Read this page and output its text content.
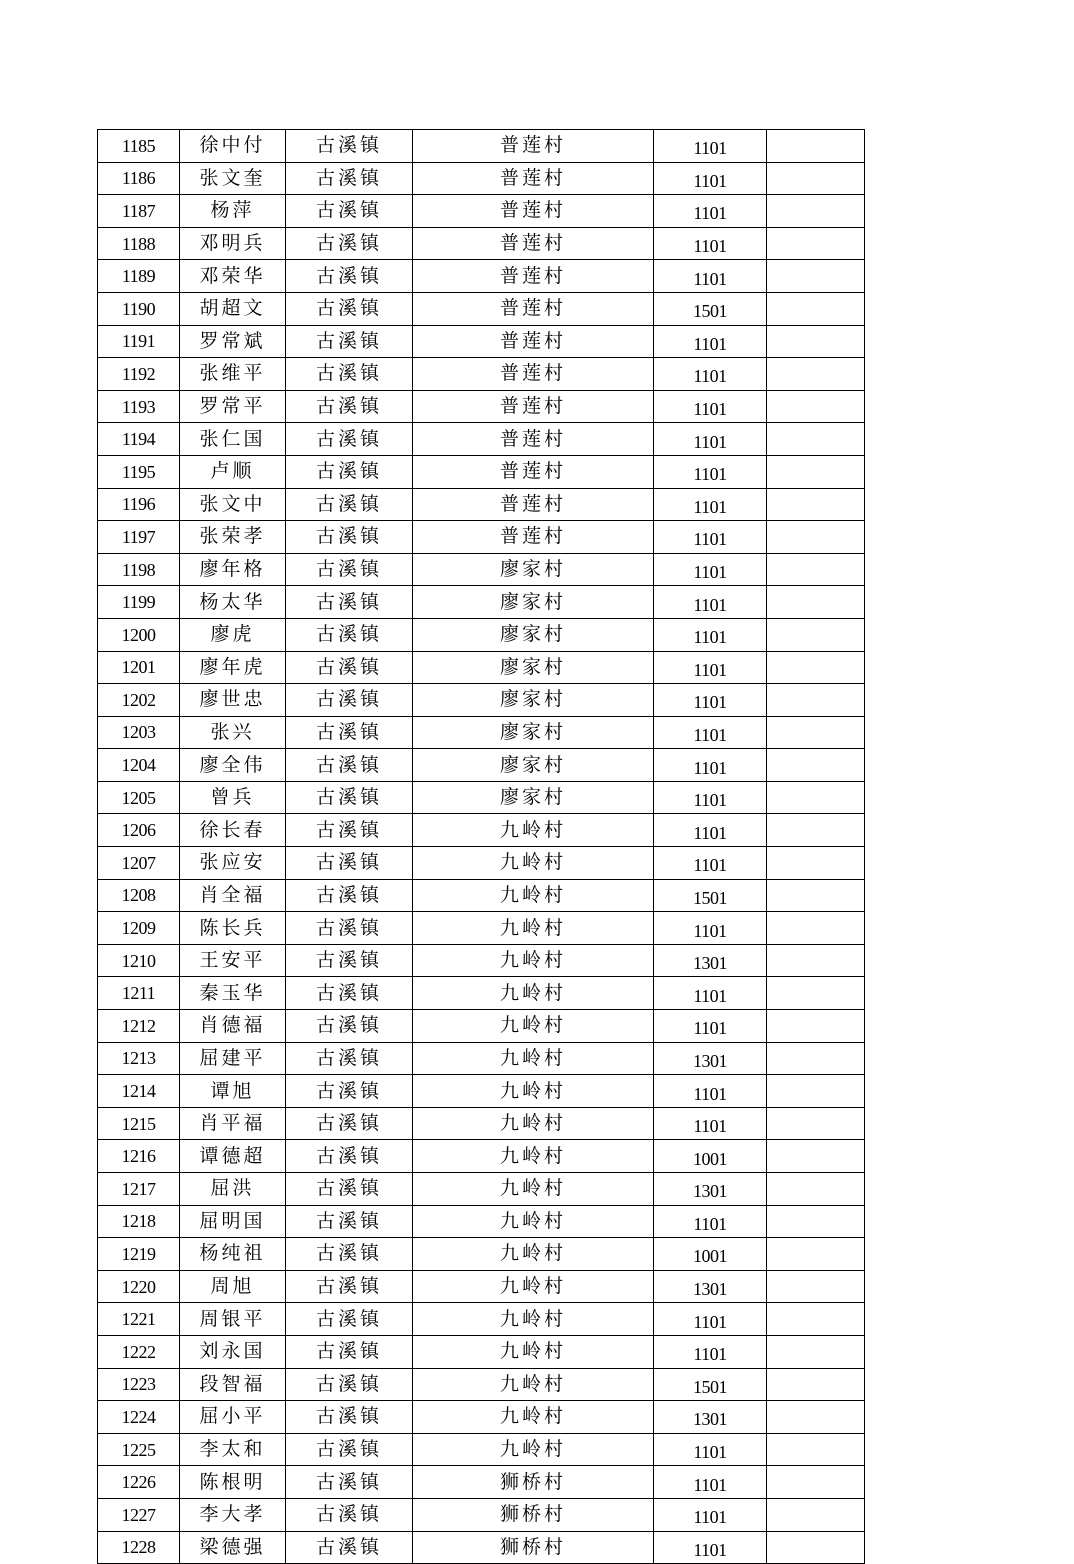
1185	徐中付	古溪镇	普莲村	1101	
1186	张文奎	古溪镇	普莲村	1101	
1187	杨萍	古溪镇	普莲村	1101	
1188	邓明兵	古溪镇	普莲村	1101	
1189	邓荣华	古溪镇	普莲村	1101	
1190	胡超文	古溪镇	普莲村	1501	
1191	罗常斌	古溪镇	普莲村	1101	
1192	张维平	古溪镇	普莲村	1101	
1193	罗常平	古溪镇	普莲村	1101	
1194	张仁国	古溪镇	普莲村	1101	
1195	卢顺	古溪镇	普莲村	1101	
1196	张文中	古溪镇	普莲村	1101	
1197	张荣孝	古溪镇	普莲村	1101	
1198	廖年格	古溪镇	廖家村	1101	
1199	杨太华	古溪镇	廖家村	1101	
1200	廖虎	古溪镇	廖家村	1101	
1201	廖年虎	古溪镇	廖家村	1101	
1202	廖世忠	古溪镇	廖家村	1101	
1203	张兴	古溪镇	廖家村	1101	
1204	廖全伟	古溪镇	廖家村	1101	
1205	曾兵	古溪镇	廖家村	1101	
1206	徐长春	古溪镇	九岭村	1101	
1207	张应安	古溪镇	九岭村	1101	
1208	肖全福	古溪镇	九岭村	1501	
1209	陈长兵	古溪镇	九岭村	1101	
1210	王安平	古溪镇	九岭村	1301	
1211	秦玉华	古溪镇	九岭村	1101	
1212	肖德福	古溪镇	九岭村	1101	
1213	屈建平	古溪镇	九岭村	1301	
1214	谭旭	古溪镇	九岭村	1101	
1215	肖平福	古溪镇	九岭村	1101	
1216	谭德超	古溪镇	九岭村	1001	
1217	屈洪	古溪镇	九岭村	1301	
1218	屈明国	古溪镇	九岭村	1101	
1219	杨纯祖	古溪镇	九岭村	1001	
1220	周旭	古溪镇	九岭村	1301	
1221	周银平	古溪镇	九岭村	1101	
1222	刘永国	古溪镇	九岭村	1101	
1223	段智福	古溪镇	九岭村	1501	
1224	屈小平	古溪镇	九岭村	1301	
1225	李太和	古溪镇	九岭村	1101	
1226	陈根明	古溪镇	狮桥村	1101	
1227	李大孝	古溪镇	狮桥村	1101	
1228	梁德强	古溪镇	狮桥村	1101	
